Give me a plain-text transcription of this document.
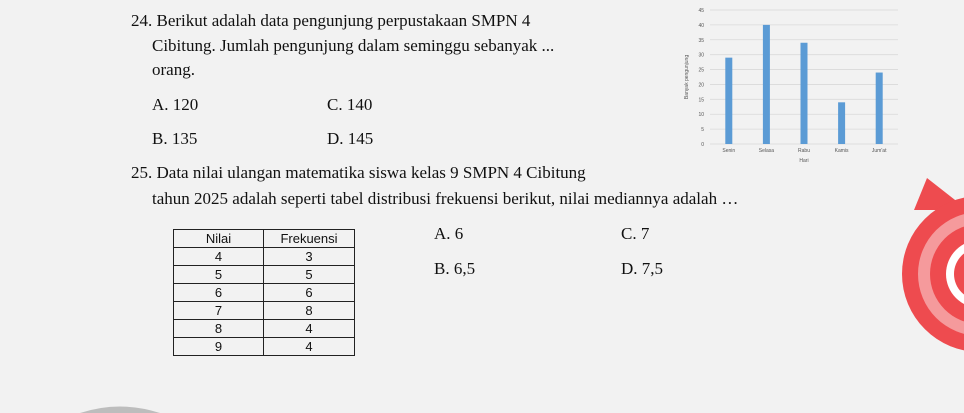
24. Berikut adalah data pengunjung perpustakaan SMPN 4
Cibitung. Jumlah pengunjung dalam seminggu sebanyak ...
orang.
A. 120	C. 140
B. 135	D. 145	0
5
10
15
20
25
30
35
40
45
Senin	Selasa	Rabu	Kamis	Jum'at
Hari
Banyak pengunjung
25. Data nilai ulangan matematika siswa kelas 9 SMPN 4 Cibitung
tahun 2025 adalah seperti tabel distribusi frekuensi berikut, nilai mediannya adalah …
Nilai	Frekuensi
4	3
5	5
6	6
7	8
8	4
9	4
A. 6	C. 7
B. 6,5	D. 7,5
